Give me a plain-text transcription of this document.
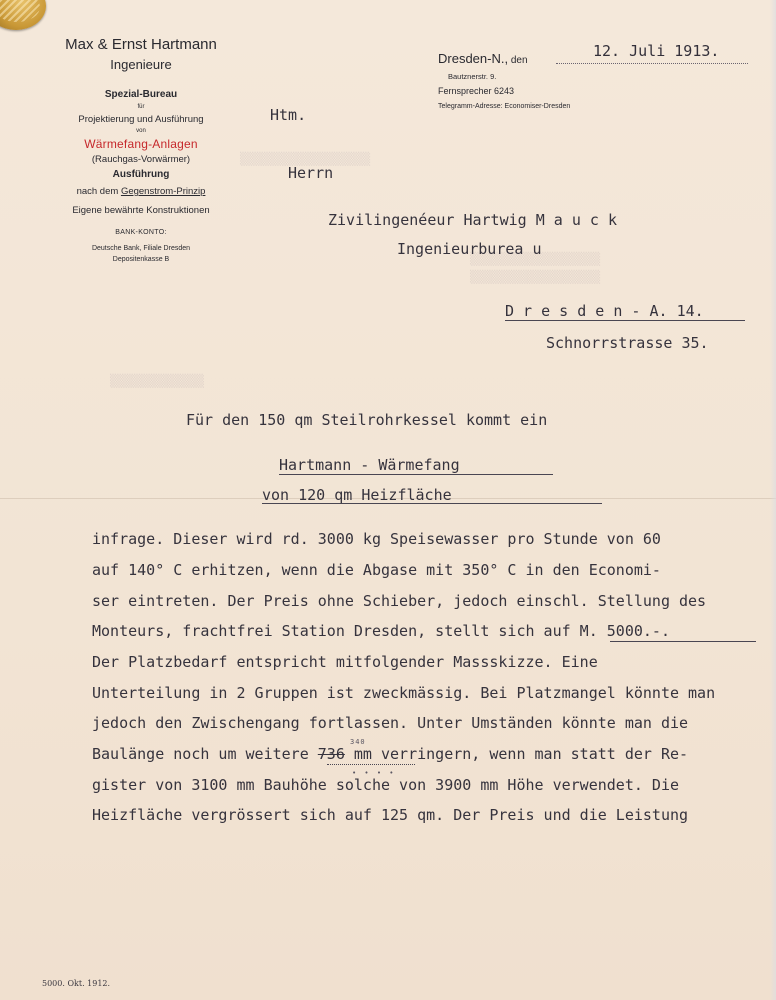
▒▒▒▒▒▒▒▒▒▒▒▒▒▒▒▒▒▒
▒▒▒▒▒▒▒▒▒▒▒▒▒▒▒▒▒▒
▒▒▒▒▒▒▒▒▒▒▒▒▒▒▒▒▒▒
▒▒▒▒▒▒▒▒▒▒▒▒▒
Max & Ernst Hartmann
Ingenieure
Spezial-Bureau
für
Projektierung und Ausführung
von
Wärmefang-Anlagen
(Rauchgas-Vorwärmer)
Ausführung
nach dem Gegenstrom-Prinzip
Eigene bewährte Konstruktionen
BANK-KONTO:
Deutsche Bank, Filiale Dresden
Depositenkasse B
Dresden-N., den
12. Juli 1913.
Bautznerstr. 9.
Fernsprecher 6243
Telegramm-Adresse: Economiser-Dresden
Htm.
Herrn
Zivilingenéeur Hartwig M a u c k
Ingenieurburea u
D r e s d e n - A. 14.
Schnorrstrasse 35.
Für den 150 qm Steilrohrkessel kommt ein
Hartmann - Wärmefang
von 120 qm Heizfläche
infrage. Dieser wird rd. 3000 kg Speisewasser pro Stunde von 60
auf 140° C erhitzen, wenn die Abgase mit 350° C in den Economi-
ser eintreten. Der Preis ohne Schieber, jedoch einschl. Stellung des
Monteurs, frachtfrei Station Dresden, stellt sich auf M. 5000.-.
Der Platzbedarf entspricht mitfolgender Massskizze. Eine
Unterteilung in 2 Gruppen ist zweckmässig. Bei Platzmangel könnte man
jedoch den Zwischengang fortlassen. Unter Umständen könnte man die
Baulänge noch um weitere 736 mm verringern, wenn man statt der Re-
340
• • • •
gister von 3100 mm Bauhöhe solche von 3900 mm Höhe verwendet. Die
Heizfläche vergrössert sich auf 125 qm. Der Preis und die Leistung
5000. Okt. 1912.
